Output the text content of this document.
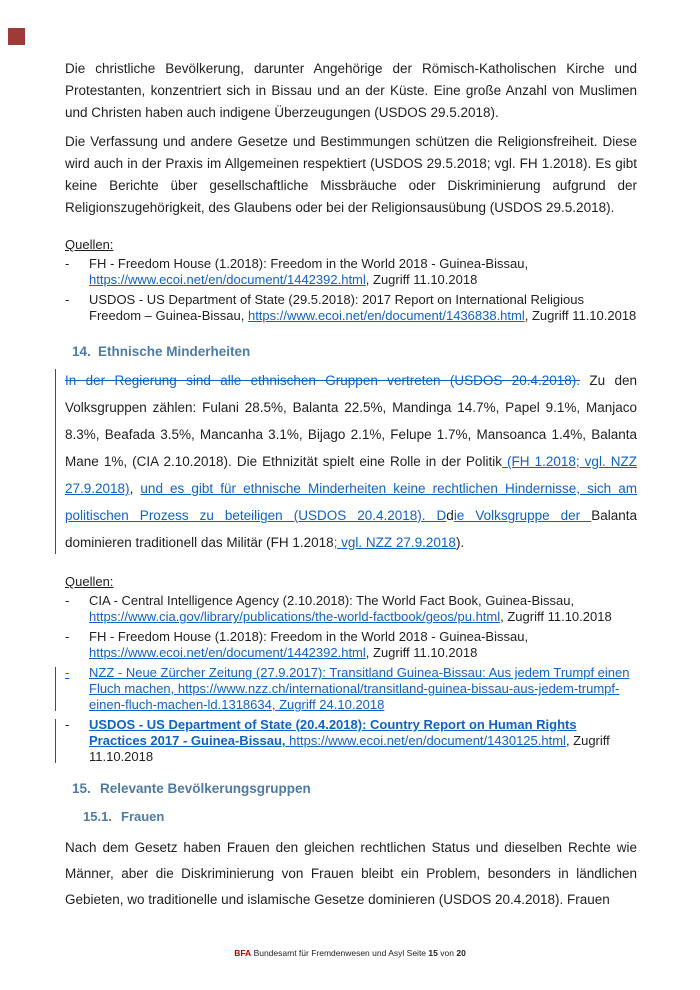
Die christliche Bevölkerung, darunter Angehörige der Römisch-Katholischen Kirche und Protestanten, konzentriert sich in Bissau und an der Küste. Eine große Anzahl von Muslimen und Christen haben auch indigene Überzeugungen (USDOS 29.5.2018).

Die Verfassung und andere Gesetze und Bestimmungen schützen die Religionsfreiheit. Diese wird auch in der Praxis im Allgemeinen respektiert (USDOS 29.5.2018; vgl. FH 1.2018). Es gibt keine Berichte über gesellschaftliche Missbräuche oder Diskriminierung aufgrund der Religionszugehörigkeit, des Glaubens oder bei der Religionsausübung (USDOS 29.5.2018).

Quellen:
-	FH - Freedom House (1.2018): Freedom in the World 2018 - Guinea-Bissau, https://www.ecoi.net/en/document/1442392.html, Zugriff 11.10.2018
-	USDOS - US Department of State (29.5.2018): 2017 Report on International Religious Freedom – Guinea-Bissau, https://www.ecoi.net/en/document/1436838.html, Zugriff 11.10.2018
14. Ethnische Minderheiten

In der Regierung sind alle ethnischen Gruppen vertreten (USDOS 20.4.2018). Zu den Volksgruppen zählen: Fulani 28.5%, Balanta 22.5%, Mandinga 14.7%, Papel 9.1%, Manjaco 8.3%, Beafada 3.5%, Mancanha 3.1%, Bijago 2.1%, Felupe 1.7%, Mansoanca 1.4%, Balanta Mane 1%, (CIA 2.10.2018). Die Ethnizität spielt eine Rolle in der Politik (FH 1.2018; vgl. NZZ 27.9.2018), und es gibt für ethnische Minderheiten keine rechtlichen Hindernisse, sich am politischen Prozess zu beteiligen (USDOS 20.4.2018). Ddie Volksgruppe der Balanta dominieren traditionell das Militär (FH 1.2018; vgl. NZZ 27.9.2018).

Quellen:
-	CIA - Central Intelligence Agency (2.10.2018): The World Fact Book, Guinea-Bissau, https://www.cia.gov/library/publications/the-world-factbook/geos/pu.html, Zugriff 11.10.2018
-	FH - Freedom House (1.2018): Freedom in the World 2018 - Guinea-Bissau, https://www.ecoi.net/en/document/1442392.html, Zugriff 11.10.2018
-	NZZ - Neue Zürcher Zeitung (27.9.2017): Transitland Guinea-Bissau: Aus jedem Trumpf einen Fluch machen, https://www.nzz.ch/international/transitland-guinea-bissau-aus-jedem-trumpf-einen-fluch-machen-ld.1318634, Zugriff 24.10.2018
-	USDOS - US Department of State (20.4.2018): Country Report on Human Rights Practices 2017 - Guinea-Bissau, https://www.ecoi.net/en/document/1430125.html, Zugriff 11.10.2018
15. Relevante Bevölkerungsgruppen
15.1. Frauen

Nach dem Gesetz haben Frauen den gleichen rechtlichen Status und dieselben Rechte wie Männer, aber die Diskriminierung von Frauen bleibt ein Problem, besonders in ländlichen Gebieten, wo traditionelle und islamische Gesetze dominieren (USDOS 20.4.2018). Frauen

BFA Bundesamt für Fremdenwesen und Asyl Seite 15 von 20
